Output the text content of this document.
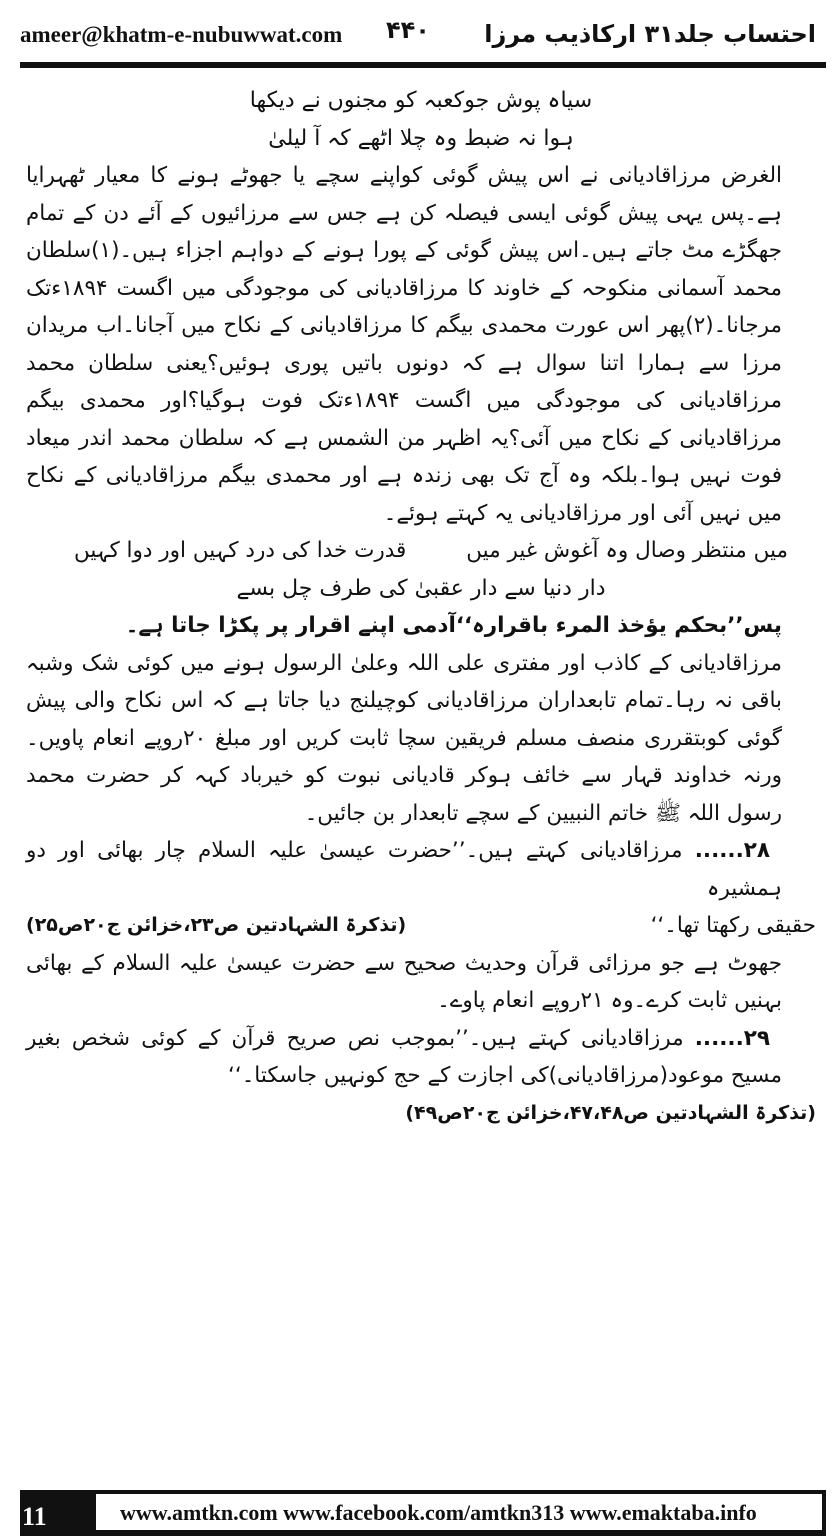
ameer@khatm-e-nubuwwat.com ۴۴۰ احتساب جلد۳۱ ارکاذیب مرزا

سیاہ پوش جوکعبہ کو مجنوں نے دیکھا

ہوا نہ ضبط وہ چلا اٹھے کہ آ لیلیٰ

الغرض مرزاقادیانی نے اس پیش گوئی کواپنے سچے یا جھوٹے ہونے کا معیار ٹھہرایا ہے۔پس یہی پیش گوئی ایسی فیصلہ کن ہے جس سے مرزائیوں کے آئے دن کے تمام جھگڑے مٹ جاتے ہیں۔اس پیش گوئی کے پورا ہونے کے دواہم اجزاء ہیں۔(۱)سلطان محمد آسمانی منکوحہ کے خاوند کا مرزاقادیانی کی موجودگی میں اگست ۱۸۹۴ءتک مرجانا۔(۲)پھر اس عورت محمدی بیگم کا مرزاقادیانی کے نکاح میں آجانا۔اب مریدان مرزا سے ہمارا اتنا سوال ہے کہ دونوں باتیں پوری ہوئیں؟یعنی سلطان محمد مرزاقادیانی کی موجودگی میں اگست ۱۸۹۴ءتک فوت ہوگیا؟اور محمدی بیگم مرزاقادیانی کے نکاح میں آئی؟یہ اظہر من الشمس ہے کہ سلطان محمد اندر میعاد فوت نہیں ہوا۔بلکہ وہ آج تک بھی زندہ ہے اور محمدی بیگم مرزاقادیانی کے نکاح میں نہیں آئی اور مرزاقادیانی یہ کہتے ہوئے۔

میں منتظر وصال وہ آغوش غیر میں
قدرت خدا کی درد کہیں اور دوا کہیں

دار دنیا سے دار عقبیٰ کی طرف چل بسے

پس’’بحکم یؤخذ المرء باقرارہ‘‘آدمی اپنے اقرار پر پکڑا جاتا ہے۔

مرزاقادیانی کے کاذب اور مفتری علی اللہ وعلیٰ الرسول ہونے میں کوئی شک وشبہ باقی نہ رہا۔تمام تابعداران مرزاقادیانی کوچیلنج دیا جاتا ہے کہ اس نکاح والی پیش گوئی کوبتقرری منصف مسلم فریقین سچا ثابت کریں اور مبلغ ۲۰روپے انعام پاویں۔ورنہ خداوند قہار سے خائف ہوکر قادیانی نبوت کو خیرباد کہہ کر حضرت محمد رسول اللہ ﷺ خاتم النبیین کے سچے تابعدار بن جائیں۔

۲۸...... مرزاقادیانی کہتے ہیں۔’’حضرت عیسیٰ علیہ السلام چار بھائی اور دو ہمشیرہ

حقیقی رکھتا تھا۔‘‘
(تذکرۃ الشہادتین ص۲۳،خزائن ج۲۰ص۲۵)

جھوٹ ہے جو مرزائی قرآن وحدیث صحیح سے حضرت عیسیٰ علیہ السلام کے بھائی بہنیں ثابت کرے۔وہ ۲۱روپے انعام پاوے۔

۲۹...... مرزاقادیانی کہتے ہیں۔’’بموجب نص صریح قرآن کے کوئی شخص بغیر مسیح موعود(مرزاقادیانی)کی اجازت کے حج کونہیں جاسکتا۔‘‘

(تذکرۃ الشہادتین ص۴۷،۴۸،خزائن ج۲۰ص۴۹)

11	www.amtkn.com www.facebook.com/amtkn313 www.emaktaba.info
